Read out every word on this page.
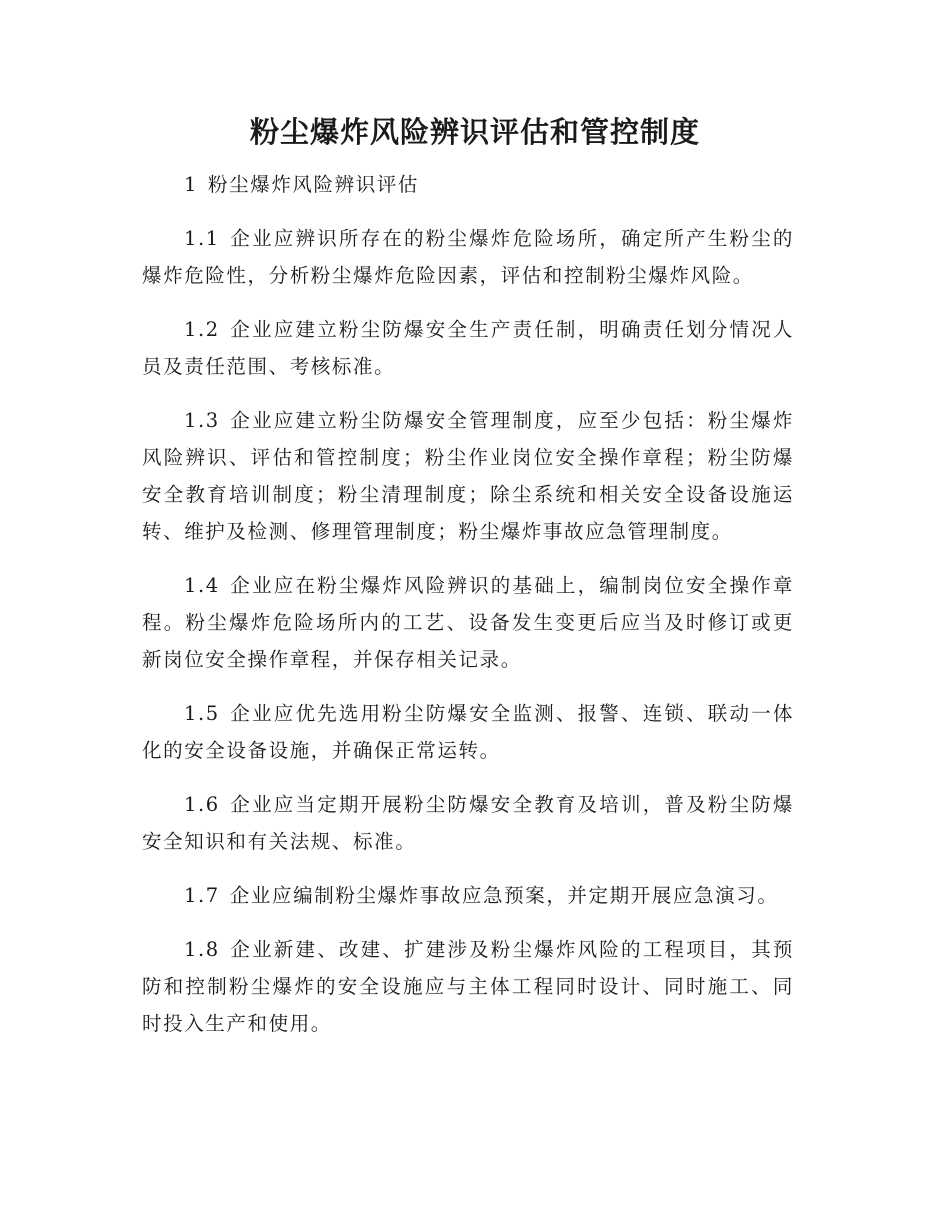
粉尘爆炸风险辨识评估和管控制度

1 粉尘爆炸风险辨识评估

1.1 企业应辨识所存在的粉尘爆炸危险场所，确定所产生粉尘的爆炸危险性，分析粉尘爆炸危险因素，评估和控制粉尘爆炸风险。

1.2 企业应建立粉尘防爆安全生产责任制，明确责任划分情况人员及责任范围、考核标准。

1.3 企业应建立粉尘防爆安全管理制度，应至少包括：粉尘爆炸风险辨识、评估和管控制度；粉尘作业岗位安全操作章程；粉尘防爆安全教育培训制度；粉尘清理制度；除尘系统和相关安全设备设施运转、维护及检测、修理管理制度；粉尘爆炸事故应急管理制度。

1.4 企业应在粉尘爆炸风险辨识的基础上，编制岗位安全操作章程。粉尘爆炸危险场所内的工艺、设备发生变更后应当及时修订或更新岗位安全操作章程，并保存相关记录。

1.5 企业应优先选用粉尘防爆安全监测、报警、连锁、联动一体化的安全设备设施，并确保正常运转。

1.6 企业应当定期开展粉尘防爆安全教育及培训，普及粉尘防爆安全知识和有关法规、标准。

1.7 企业应编制粉尘爆炸事故应急预案，并定期开展应急演习。

1.8 企业新建、改建、扩建涉及粉尘爆炸风险的工程项目，其预防和控制粉尘爆炸的安全设施应与主体工程同时设计、同时施工、同时投入生产和使用。
